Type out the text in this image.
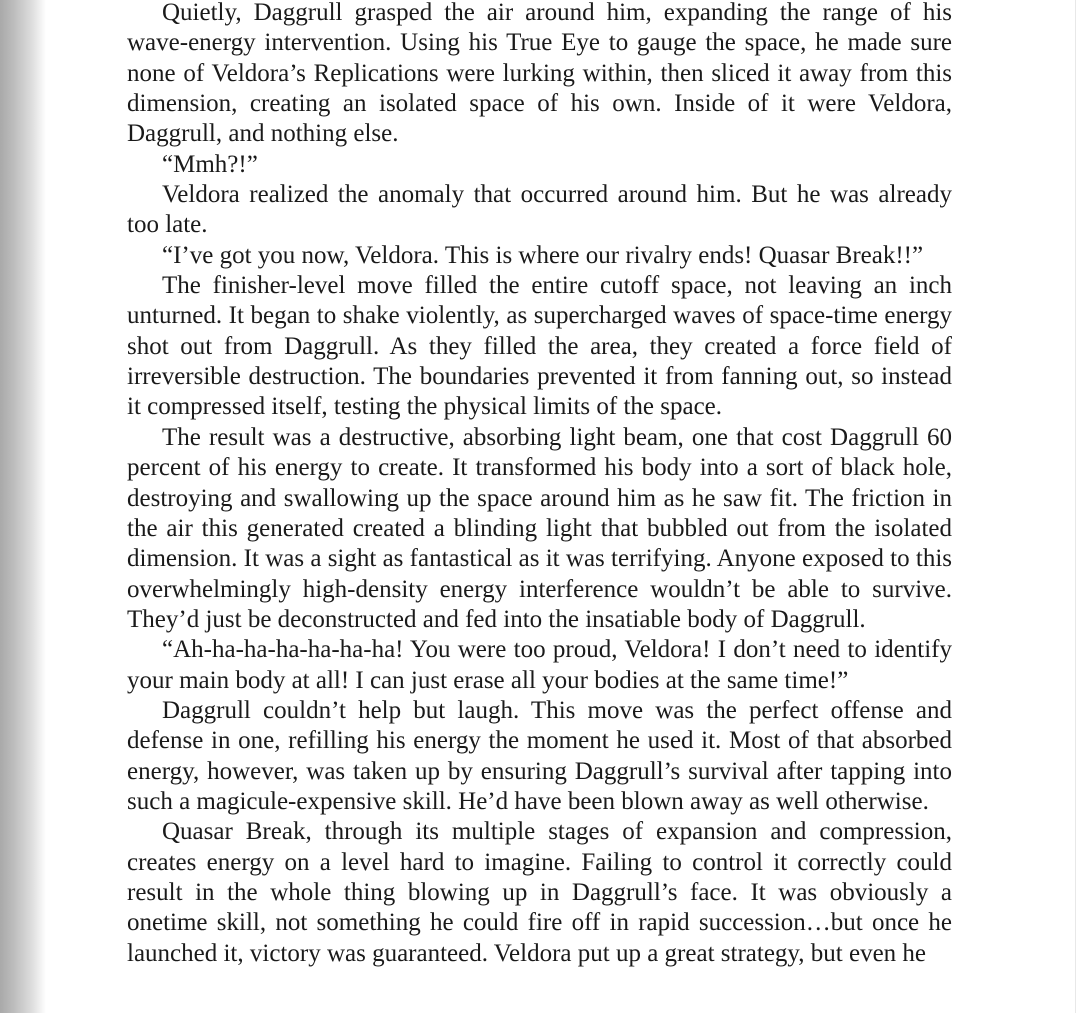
Quietly, Daggrull grasped the air around him, expanding the range of his wave-energy intervention. Using his True Eye to gauge the space, he made sure none of Veldora’s Replications were lurking within, then sliced it away from this dimension, creating an isolated space of his own. Inside of it were Veldora, Daggrull, and nothing else.

“Mmh?!”

Veldora realized the anomaly that occurred around him. But he was already too late.

“I’ve got you now, Veldora. This is where our rivalry ends! Quasar Break!!”

The finisher-level move filled the entire cutoff space, not leaving an inch unturned. It began to shake violently, as supercharged waves of space-time energy shot out from Daggrull. As they filled the area, they created a force field of irreversible destruction. The boundaries prevented it from fanning out, so instead it compressed itself, testing the physical limits of the space.

The result was a destructive, absorbing light beam, one that cost Daggrull 60 percent of his energy to create. It transformed his body into a sort of black hole, destroying and swallowing up the space around him as he saw fit. The friction in the air this generated created a blinding light that bubbled out from the isolated dimension. It was a sight as fantastical as it was terrifying. Anyone exposed to this overwhelmingly high-density energy interference wouldn’t be able to survive. They’d just be deconstructed and fed into the insatiable body of Daggrull.

“Ah-ha-ha-ha-ha-ha-ha! You were too proud, Veldora! I don’t need to identify your main body at all! I can just erase all your bodies at the same time!”

Daggrull couldn’t help but laugh. This move was the perfect offense and defense in one, refilling his energy the moment he used it. Most of that absorbed energy, however, was taken up by ensuring Daggrull’s survival after tapping into such a magicule-expensive skill. He’d have been blown away as well otherwise.

Quasar Break, through its multiple stages of expansion and compression, creates energy on a level hard to imagine. Failing to control it correctly could result in the whole thing blowing up in Daggrull’s face. It was obviously a onetime skill, not something he could fire off in rapid succession…but once he launched it, victory was guaranteed. Veldora put up a great strategy, but even he
